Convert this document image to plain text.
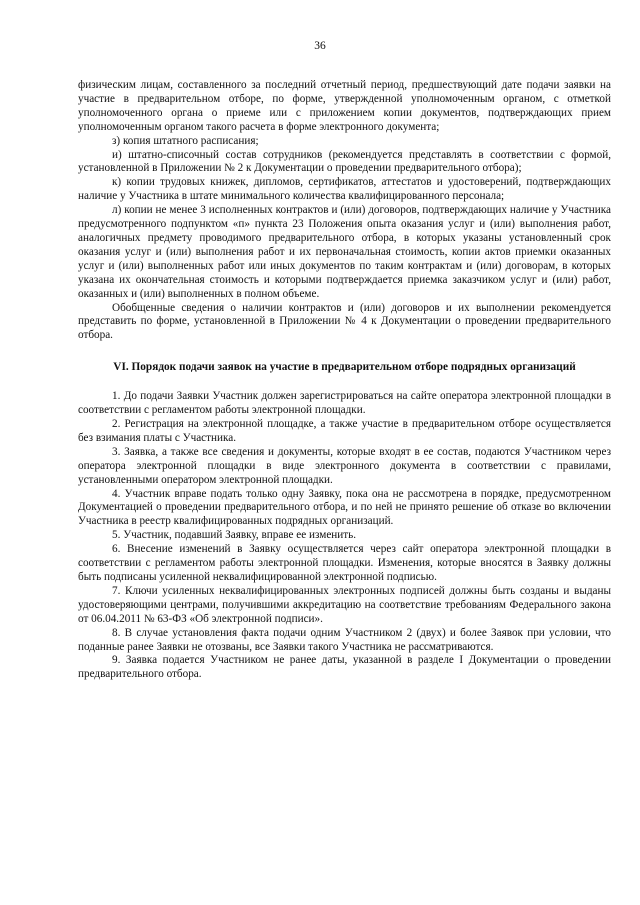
36

физическим лицам, составленного за последний отчетный период, предшествующий дате подачи заявки на участие в предварительном отборе, по форме, утвержденной уполномоченным органом, с отметкой уполномоченного органа о приеме или с приложением копии документов, подтверждающих прием уполномоченным органом такого расчета в форме электронного документа;

з) копия штатного расписания;

и) штатно-списочный состав сотрудников (рекомендуется представлять в соответствии с формой, установленной в Приложении № 2 к Документации о проведении предварительного отбора);

к) копии трудовых книжек, дипломов, сертификатов, аттестатов и удостоверений, подтверждающих наличие у Участника в штате минимального количества квалифицированного персонала;

л) копии не менее 3 исполненных контрактов и (или) договоров, подтверждающих наличие у Участника предусмотренного подпунктом «п» пункта 23 Положения опыта оказания услуг и (или) выполнения работ, аналогичных предмету проводимого предварительного отбора, в которых указаны установленный срок оказания услуг и (или) выполнения работ и их первоначальная стоимость, копии актов приемки оказанных услуг и (или) выполненных работ или иных документов по таким контрактам и (или) договорам, в которых указана их окончательная стоимость и которыми подтверждается приемка заказчиком услуг и (или) работ, оказанных и (или) выполненных в полном объеме.

Обобщенные сведения о наличии контрактов и (или) договоров и их выполнении рекомендуется представить по форме, установленной в Приложении № 4 к Документации о проведении предварительного отбора.

VI. Порядок подачи заявок на участие в предварительном отборе подрядных организаций

1. До подачи Заявки Участник должен зарегистрироваться на сайте оператора электронной площадки в соответствии с регламентом работы электронной площадки.

2. Регистрация на электронной площадке, а также участие в предварительном отборе осуществляется без взимания платы с Участника.

3. Заявка, а также все сведения и документы, которые входят в ее состав, подаются Участником через оператора электронной площадки в виде электронного документа в соответствии с правилами, установленными оператором электронной площадки.

4. Участник вправе подать только одну Заявку, пока она не рассмотрена в порядке, предусмотренном Документацией о проведении предварительного отбора, и по ней не принято решение об отказе во включении Участника в реестр квалифицированных подрядных организаций.

5. Участник, подавший Заявку, вправе ее изменить.

6. Внесение изменений в Заявку осуществляется через сайт оператора электронной площадки в соответствии с регламентом работы электронной площадки. Изменения, которые вносятся в Заявку должны быть подписаны усиленной неквалифицированной электронной подписью.

7. Ключи усиленных неквалифицированных электронных подписей должны быть созданы и выданы удостоверяющими центрами, получившими аккредитацию на соответствие требованиям Федерального закона от 06.04.2011 № 63-ФЗ «Об электронной подписи».

8. В случае установления факта подачи одним Участником 2 (двух) и более Заявок при условии, что поданные ранее Заявки не отозваны, все Заявки такого Участника не рассматриваются.

9. Заявка подается Участником не ранее даты, указанной в разделе I Документации о проведении предварительного отбора.
